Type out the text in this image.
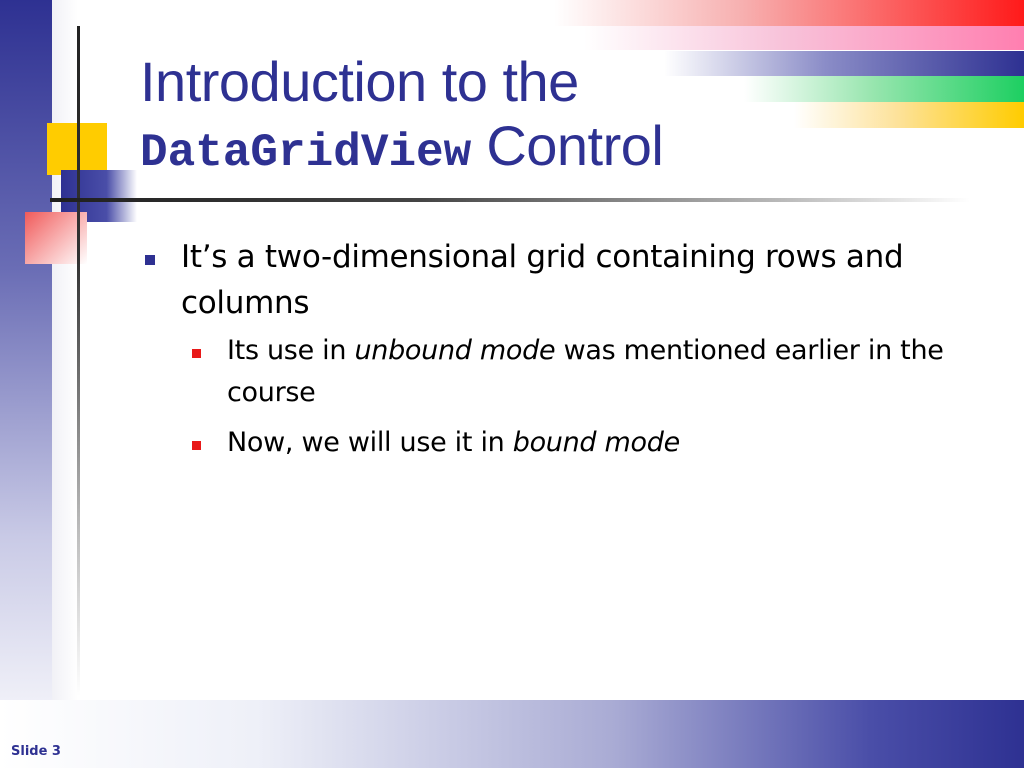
Introduction to the
DataGridView Control
It’s a two-dimensional grid containing rows and columns
Its use in unbound mode was mentioned earlier in the course
Now, we will use it in bound mode
Slide 3
